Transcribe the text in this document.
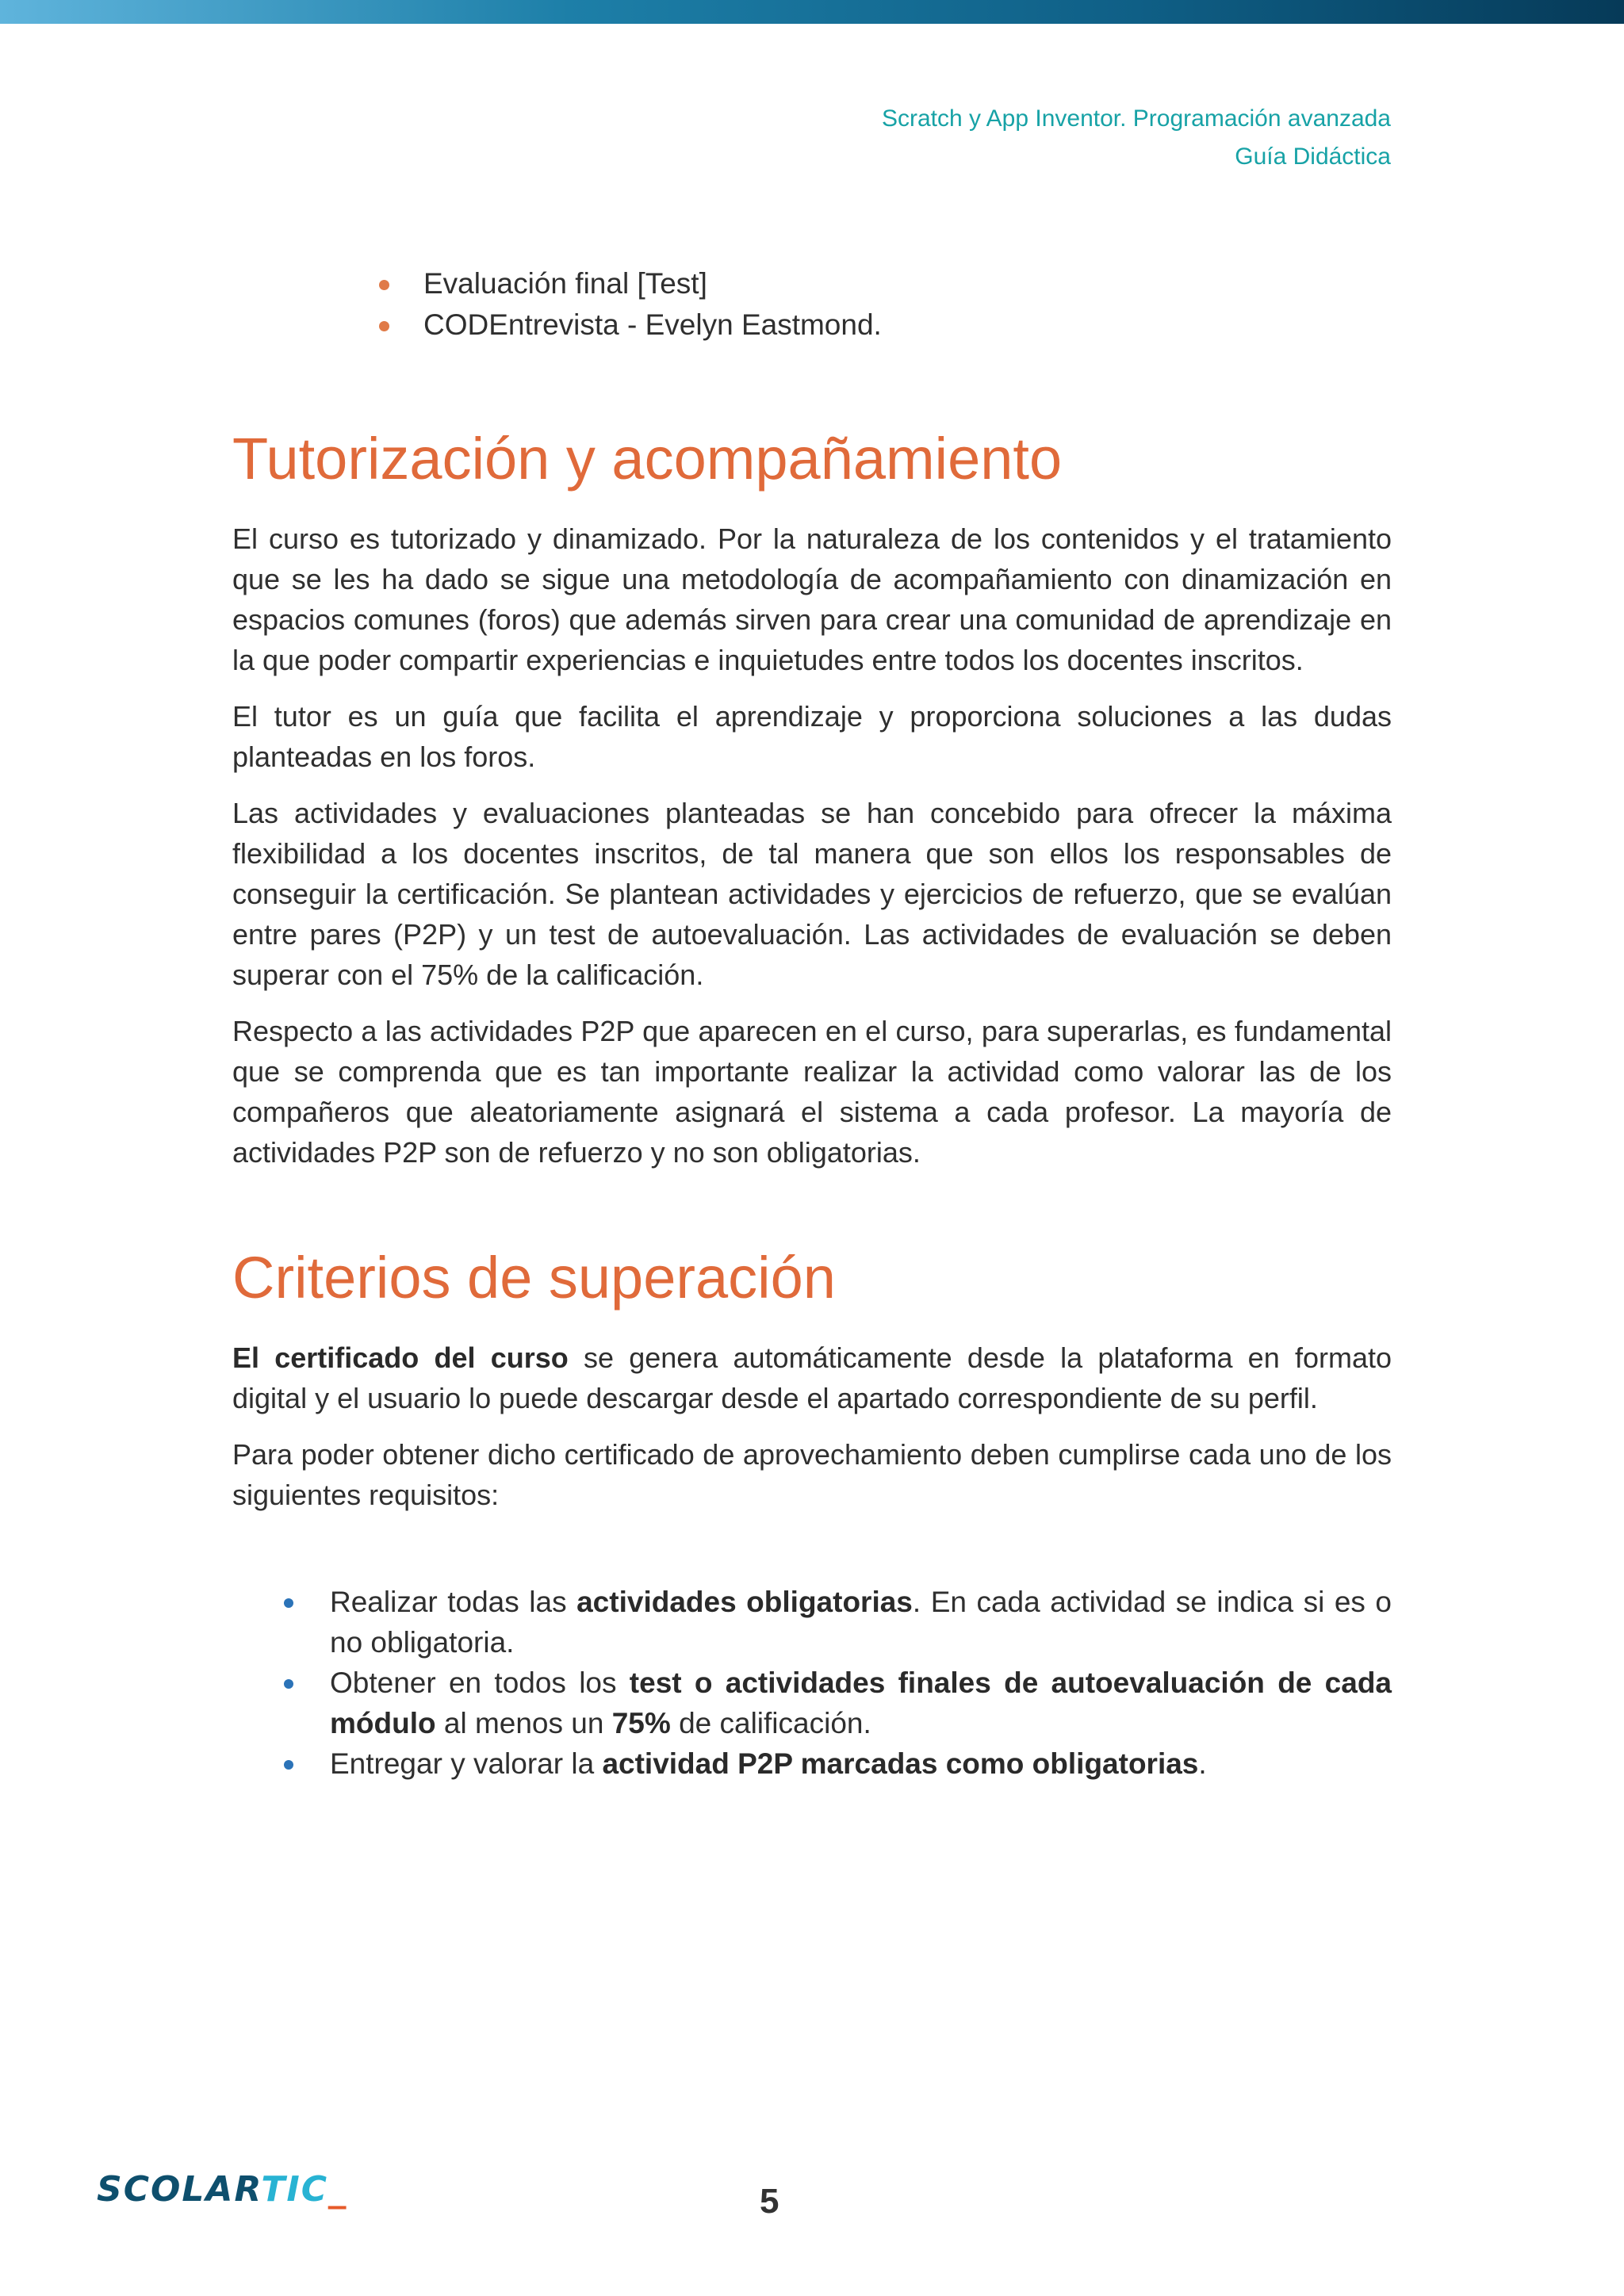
Scratch y App Inventor. Programación avanzada
Guía Didáctica
Evaluación final [Test]
CODEntrevista - Evelyn Eastmond.
Tutorización y acompañamiento

El curso es tutorizado y dinamizado. Por la naturaleza de los contenidos y el tratamiento que se les ha dado se sigue una metodología de acompañamiento con dinamización en espacios comunes (foros) que además sirven para crear una comunidad de aprendizaje en la que poder compartir experiencias e inquietudes entre todos los docentes inscritos.

El tutor es un guía que facilita el aprendizaje y proporciona soluciones a las dudas planteadas en los foros.

Las actividades y evaluaciones planteadas se han concebido para ofrecer la máxima flexibilidad a los docentes inscritos, de tal manera que son ellos los responsables de conseguir la certificación. Se plantean actividades y ejercicios de refuerzo, que se evalúan entre pares (P2P) y un test de autoevaluación. Las actividades de evaluación se deben superar con el 75% de la calificación.

Respecto a las actividades P2P que aparecen en el curso, para superarlas, es fundamental que se comprenda que es tan importante realizar la actividad como valorar las de los compañeros que aleatoriamente asignará el sistema a cada profesor. La mayoría de actividades P2P son de refuerzo y no son obligatorias.

Criterios de superación

El certificado del curso se genera automáticamente desde la plataforma en formato digital y el usuario lo puede descargar desde el apartado correspondiente de su perfil.

Para poder obtener dicho certificado de aprovechamiento deben cumplirse cada uno de los siguientes requisitos:

Realizar todas las actividades obligatorias. En cada actividad se indica si es o no obligatoria.
Obtener en todos los test o actividades finales de autoevaluación de cada módulo al menos un 75% de calificación.
Entregar y valorar la actividad P2P marcadas como obligatorias.
SCOLARTIC_	5
